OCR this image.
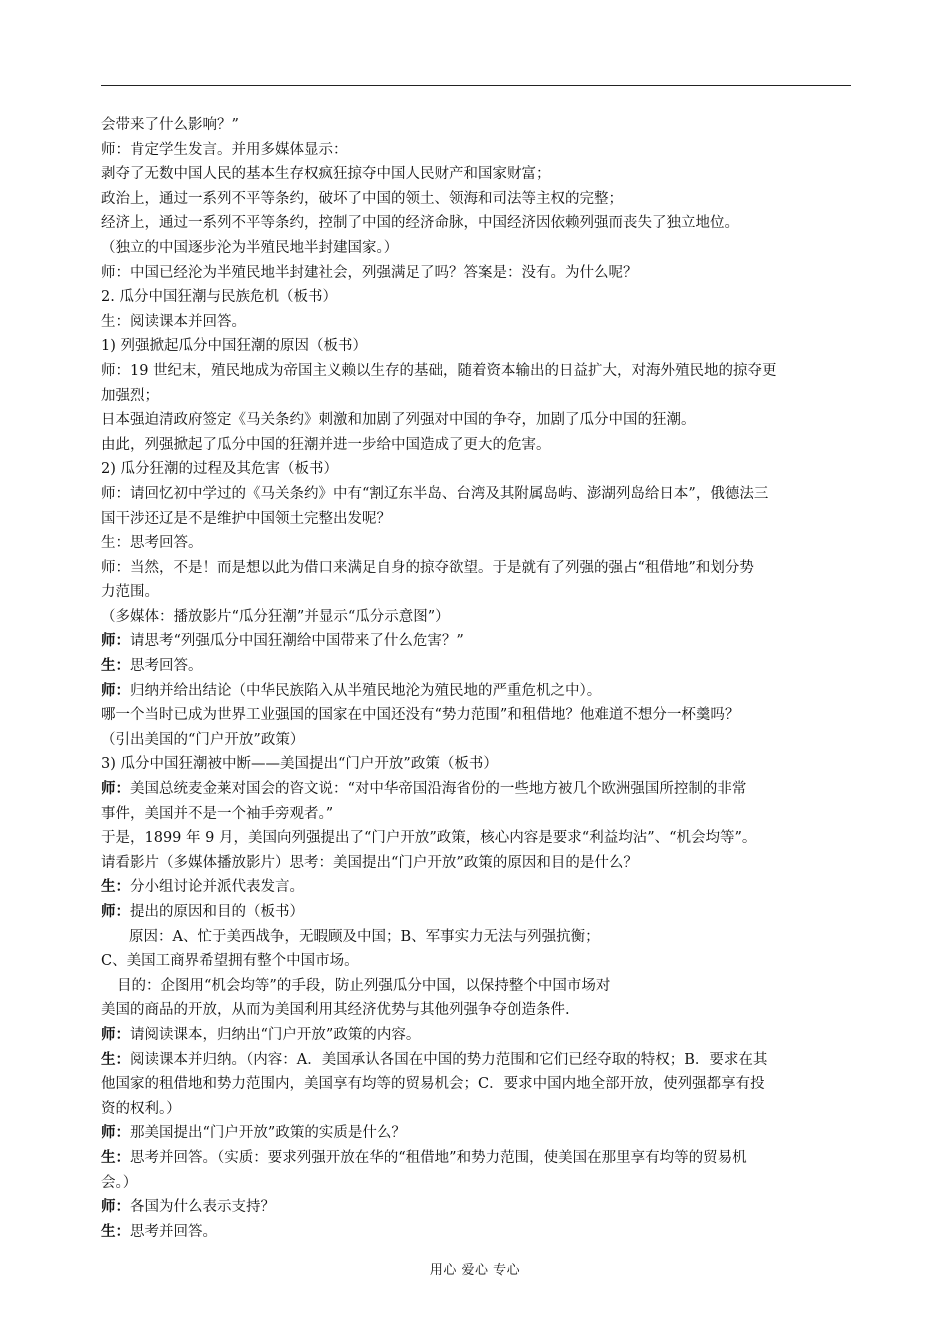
会带来了什么影响？”
师：肯定学生发言。并用多媒体显示：
剥夺了无数中国人民的基本生存权疯狂掠夺中国人民财产和国家财富；
政治上，通过一系列不平等条约，破坏了中国的领土、领海和司法等主权的完整；
经济上，通过一系列不平等条约，控制了中国的经济命脉，中国经济因依赖列强而丧失了独立地位。
（独立的中国逐步沦为半殖民地半封建国家。）
师：中国已经沦为半殖民地半封建社会，列强满足了吗？答案是：没有。为什么呢？
2. 瓜分中国狂潮与民族危机（板书）
生：阅读课本并回答。
1) 列强掀起瓜分中国狂潮的原因（板书）
师：19 世纪末，殖民地成为帝国主义赖以生存的基础，随着资本输出的日益扩大，对海外殖民地的掠夺更
加强烈；
日本强迫清政府签定《马关条约》刺激和加剧了列强对中国的争夺，加剧了瓜分中国的狂潮。
由此，列强掀起了瓜分中国的狂潮并进一步给中国造成了更大的危害。
2) 瓜分狂潮的过程及其危害（板书）
师：请回忆初中学过的《马关条约》中有“割辽东半岛、台湾及其附属岛屿、澎湖列岛给日本”，俄德法三
国干涉还辽是不是维护中国领土完整出发呢？
生：思考回答。
师：当然，不是！而是想以此为借口来满足自身的掠夺欲望。于是就有了列强的强占“租借地”和划分势
力范围。
（多媒体：播放影片“瓜分狂潮”并显示“瓜分示意图”）
师：请思考“列强瓜分中国狂潮给中国带来了什么危害？”
生：思考回答。
师：归纳并给出结论（中华民族陷入从半殖民地沦为殖民地的严重危机之中）。
哪一个当时已成为世界工业强国的国家在中国还没有“势力范围”和租借地？他难道不想分一杯羹吗？
（引出美国的“门户开放”政策）
3) 瓜分中国狂潮被中断——美国提出“门户开放”政策（板书）
师：美国总统麦金莱对国会的咨文说：“对中华帝国沿海省份的一些地方被几个欧洲强国所控制的非常
事件，美国并不是一个袖手旁观者。”
于是，1899 年 9 月，美国向列强提出了“门户开放”政策，核心内容是要求“利益均沾”、“机会均等”。
请看影片（多媒体播放影片）思考：美国提出“门户开放”政策的原因和目的是什么？
生：分小组讨论并派代表发言。
师：提出的原因和目的（板书）
原因：A、忙于美西战争，无暇顾及中国；B、军事实力无法与列强抗衡；
C、美国工商界希望拥有整个中国市场。
目的：企图用“机会均等”的手段，防止列强瓜分中国，以保持整个中国市场对
美国的商品的开放，从而为美国利用其经济优势与其他列强争夺创造条件.
师：请阅读课本，归纳出“门户开放”政策的内容。
生：阅读课本并归纳。（内容：A．美国承认各国在中国的势力范围和它们已经夺取的特权；B．要求在其
他国家的租借地和势力范围内，美国享有均等的贸易机会；C．要求中国内地全部开放，使列强都享有投
资的权利。）
师：那美国提出“门户开放”政策的实质是什么？
生：思考并回答。（实质：要求列强开放在华的“租借地”和势力范围，使美国在那里享有均等的贸易机
会。）
师：各国为什么表示支持？
生：思考并回答。
用心 爱心 专心
